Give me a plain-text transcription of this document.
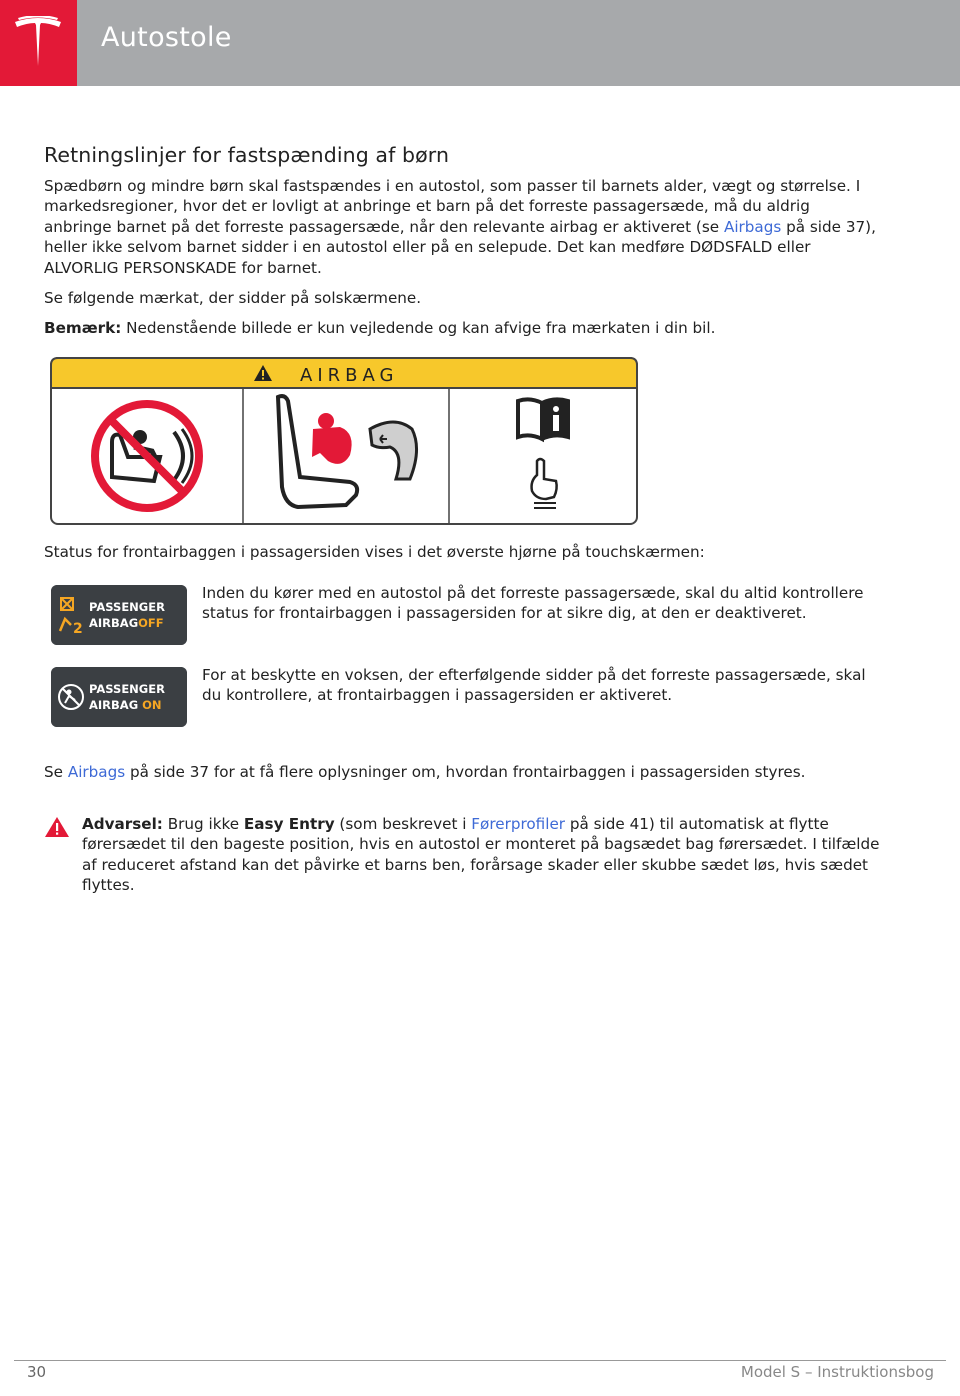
Autostole
Retningslinjer for fastspænding af børn

Spædbørn og mindre børn skal fastspændes i en autostol, som passer til barnets alder, vægt og størrelse. I markedsregioner, hvor det er lovligt at anbringe et barn på det forreste passagersæde, må du aldrig anbringe barnet på det forreste passagersæde, når den relevante airbag er aktiveret (se Airbags på side 37), heller ikke selvom barnet sidder i en autostol eller på en selepude. Det kan medføre DØDSFALD eller ALVORLIG PERSONSKADE for barnet.

Se følgende mærkat, der sidder på solskærmene.

Bemærk: Nedenstående billede er kun vejledende og kan afvige fra mærkaten i din bil.

AIRBAG
Status for frontairbaggen i passagersiden vises i det øverste hjørne på touchskærmen:
2
PASSENGER
AIRBAGOFF
Inden du kører med en autostol på det forreste passagersæde, skal du altid kontrollere status for frontairbaggen i passagersiden for at sikre dig, at den er deaktiveret.
PASSENGER
AIRBAG ON
For at beskytte en voksen, der efterfølgende sidder på det forreste passagersæde, skal du kontrollere, at frontairbaggen i passagersiden er aktiveret.
Se Airbags på side 37 for at få flere oplysninger om, hvordan frontairbaggen i passagersiden styres.
Advarsel: Brug ikke Easy Entry (som beskrevet i Førerprofiler på side 41) til automatisk at flytte førersædet til den bageste position, hvis en autostol er monteret på bagsædet bag førersædet. I tilfælde af reduceret afstand kan det påvirke et barns ben, forårsage skader eller skubbe sædet løs, hvis sædet flyttes.
30	Model S – Instruktionsbog
